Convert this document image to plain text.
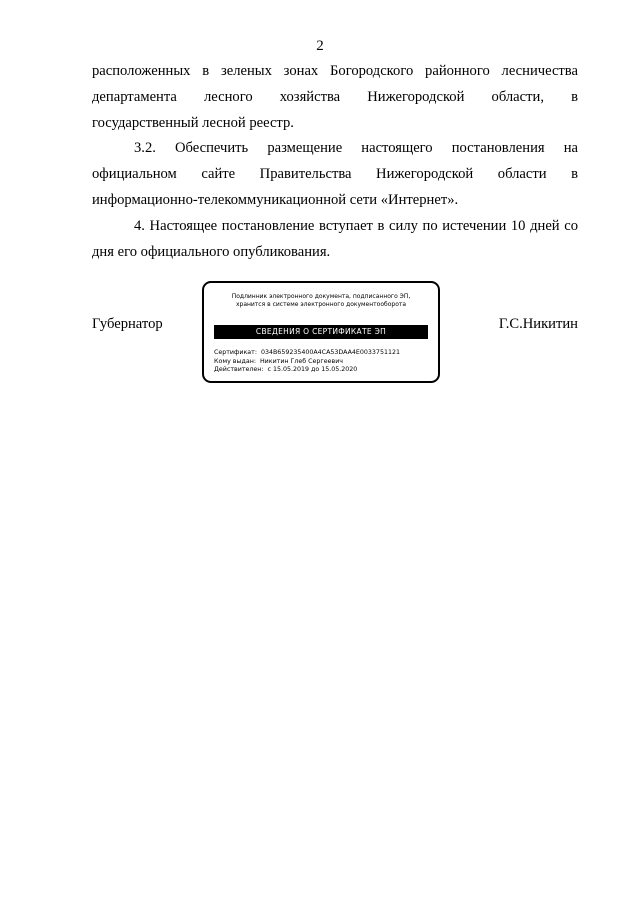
2
расположенных в зеленых зонах Богородского районного лесничества
департамента лесного хозяйства Нижегородской области, в
государственный лесной реестр.
3.2. Обеспечить размещение настоящего постановления на
официальном сайте Правительства Нижегородской области в
информационно-телекоммуникационной сети «Интернет».
4. Настоящее постановление вступает в силу по истечении 10 дней со
дня его официального опубликования.
Губернатор
Подлинник электронного документа, подписанного ЭП,
хранится в системе электронного документооборота
СВЕДЕНИЯ О СЕРТИФИКАТЕ ЭП
Сертификат: 034B659235400A4CA53DAA4E0033751121
Кому выдан: Никитин Глеб Сергеевич
Действителен: с 15.05.2019 до 15.05.2020
Г.С.Никитин
